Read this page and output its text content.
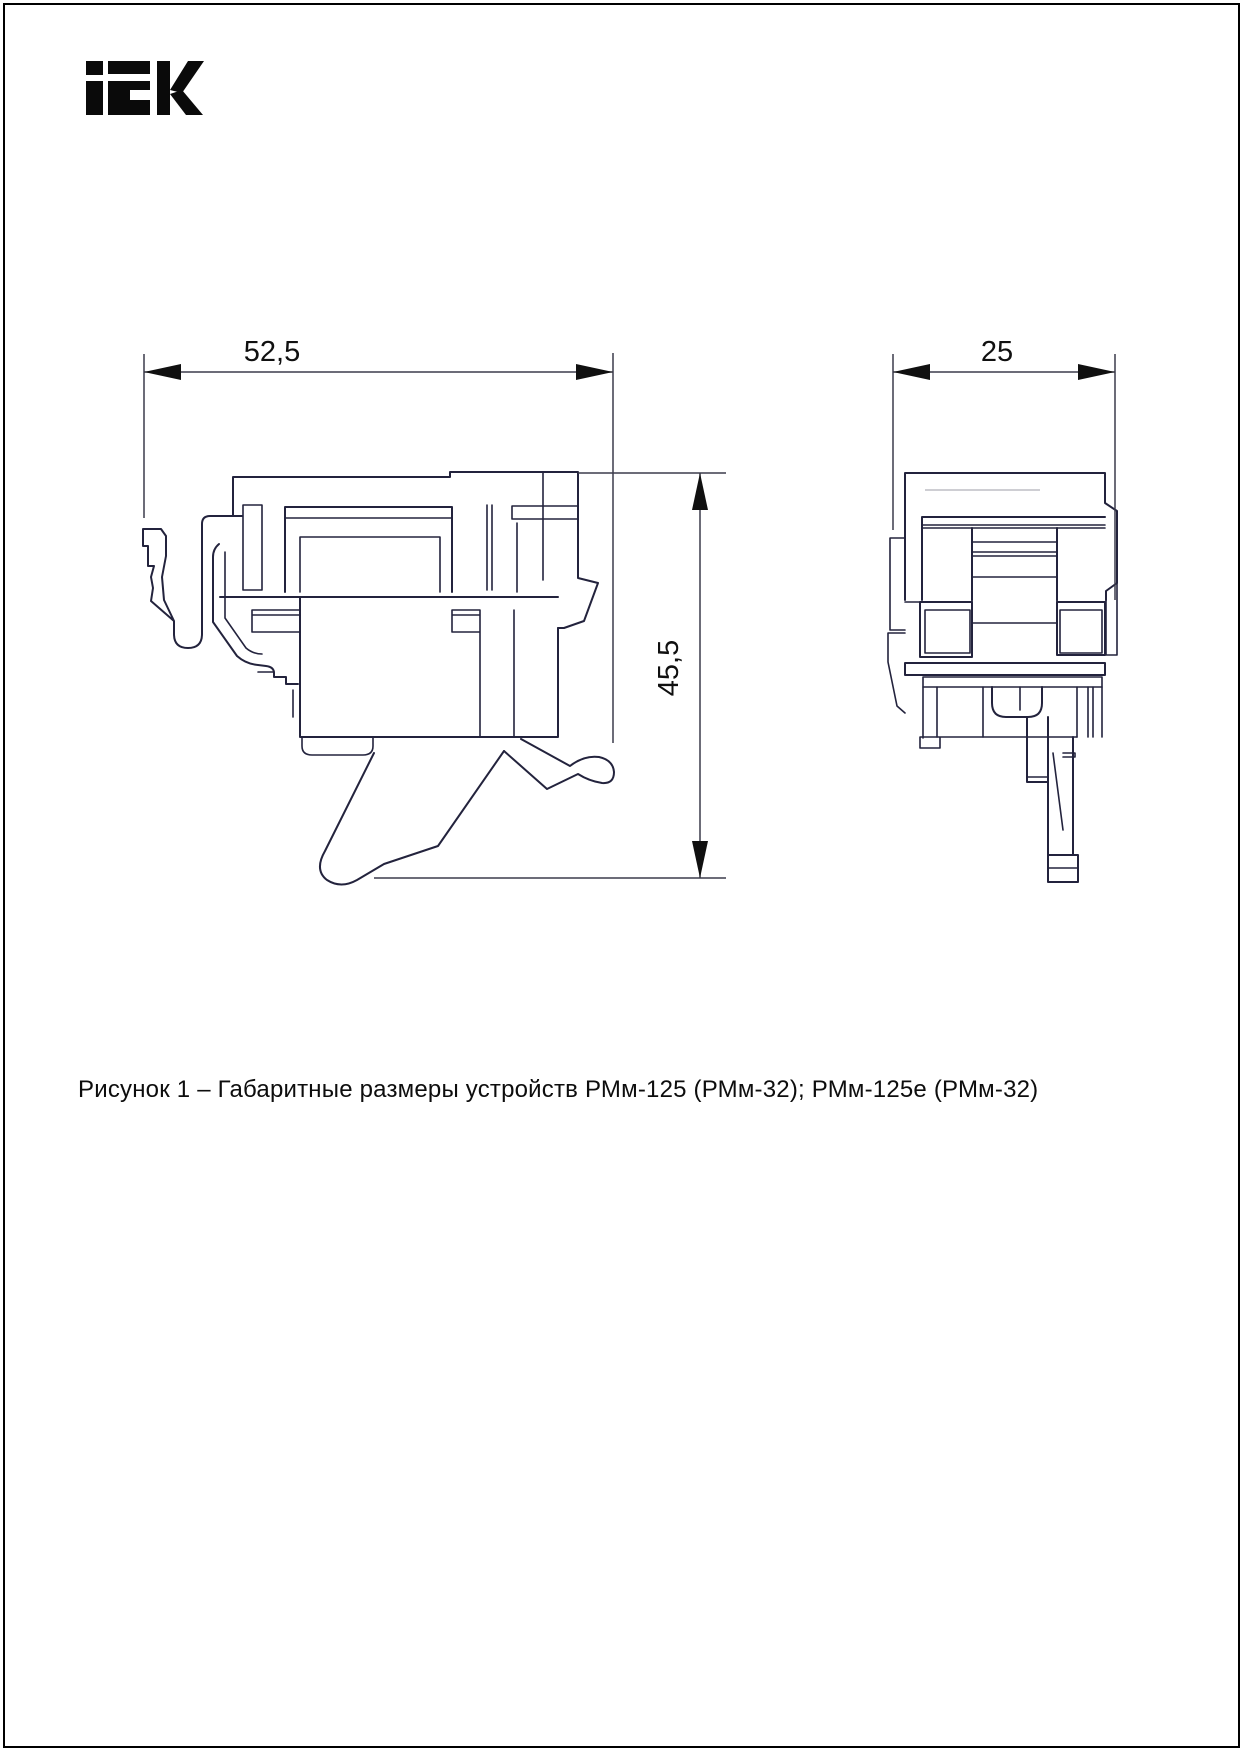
52,5
45,5
25
Рисунок 1 – Габаритные размеры устройств РМм-125 (РМм-32); РМм-125е (РМм-32)
